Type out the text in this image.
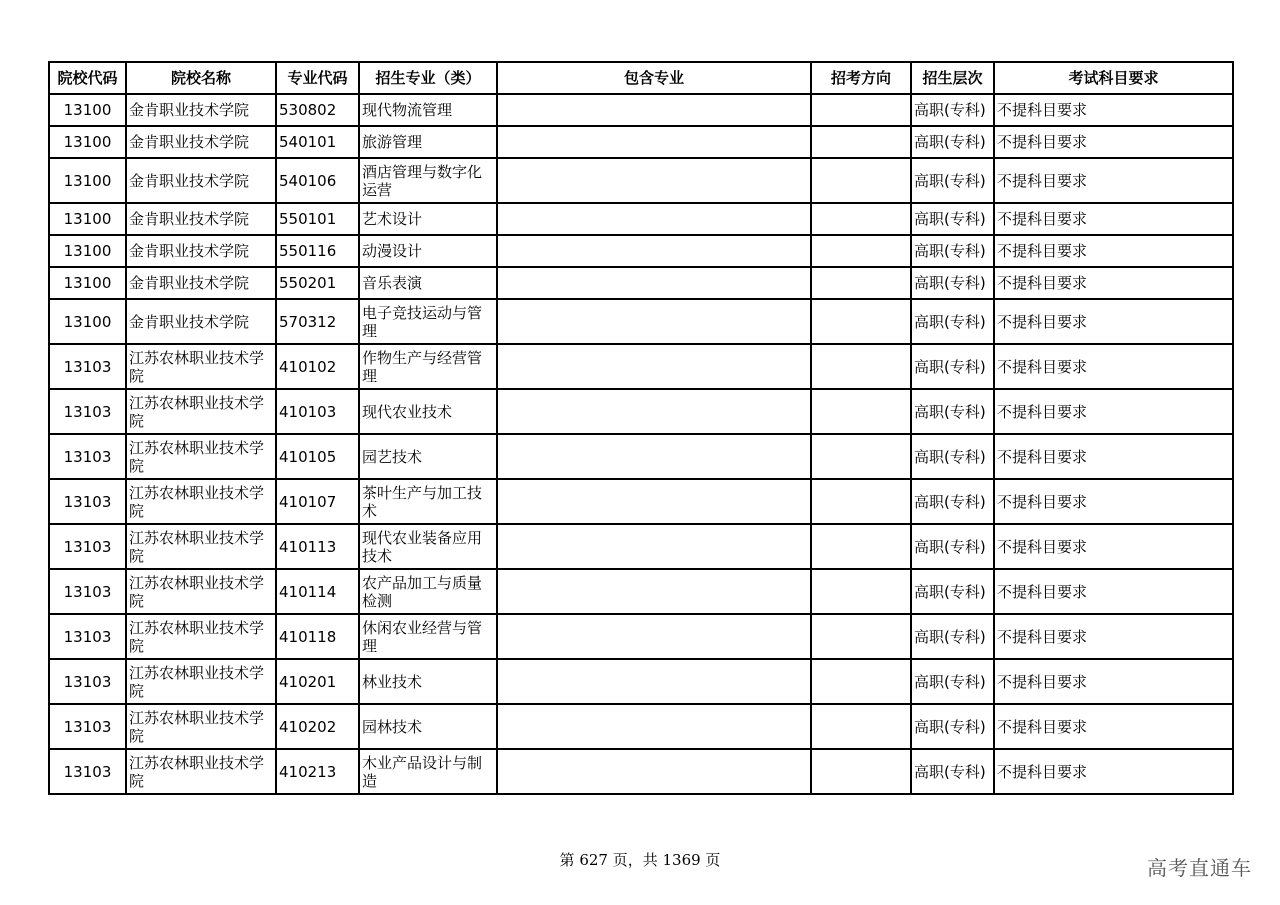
院校代码	院校名称	专业代码	招生专业（类）	包含专业	招考方向	招生层次	考试科目要求
13100	金肯职业技术学院	530802	现代物流管理			高职(专科)	不提科目要求
13100	金肯职业技术学院	540101	旅游管理			高职(专科)	不提科目要求
13100	金肯职业技术学院	540106	酒店管理与数字化运营			高职(专科)	不提科目要求
13100	金肯职业技术学院	550101	艺术设计			高职(专科)	不提科目要求
13100	金肯职业技术学院	550116	动漫设计			高职(专科)	不提科目要求
13100	金肯职业技术学院	550201	音乐表演			高职(专科)	不提科目要求
13100	金肯职业技术学院	570312	电子竞技运动与管理			高职(专科)	不提科目要求
13103	江苏农林职业技术学院	410102	作物生产与经营管理			高职(专科)	不提科目要求
13103	江苏农林职业技术学院	410103	现代农业技术			高职(专科)	不提科目要求
13103	江苏农林职业技术学院	410105	园艺技术			高职(专科)	不提科目要求
13103	江苏农林职业技术学院	410107	茶叶生产与加工技术			高职(专科)	不提科目要求
13103	江苏农林职业技术学院	410113	现代农业装备应用技术			高职(专科)	不提科目要求
13103	江苏农林职业技术学院	410114	农产品加工与质量检测			高职(专科)	不提科目要求
13103	江苏农林职业技术学院	410118	休闲农业经营与管理			高职(专科)	不提科目要求
13103	江苏农林职业技术学院	410201	林业技术			高职(专科)	不提科目要求
13103	江苏农林职业技术学院	410202	园林技术			高职(专科)	不提科目要求
13103	江苏农林职业技术学院	410213	木业产品设计与制造			高职(专科)	不提科目要求
第 627 页，共 1369 页	高考直通车
